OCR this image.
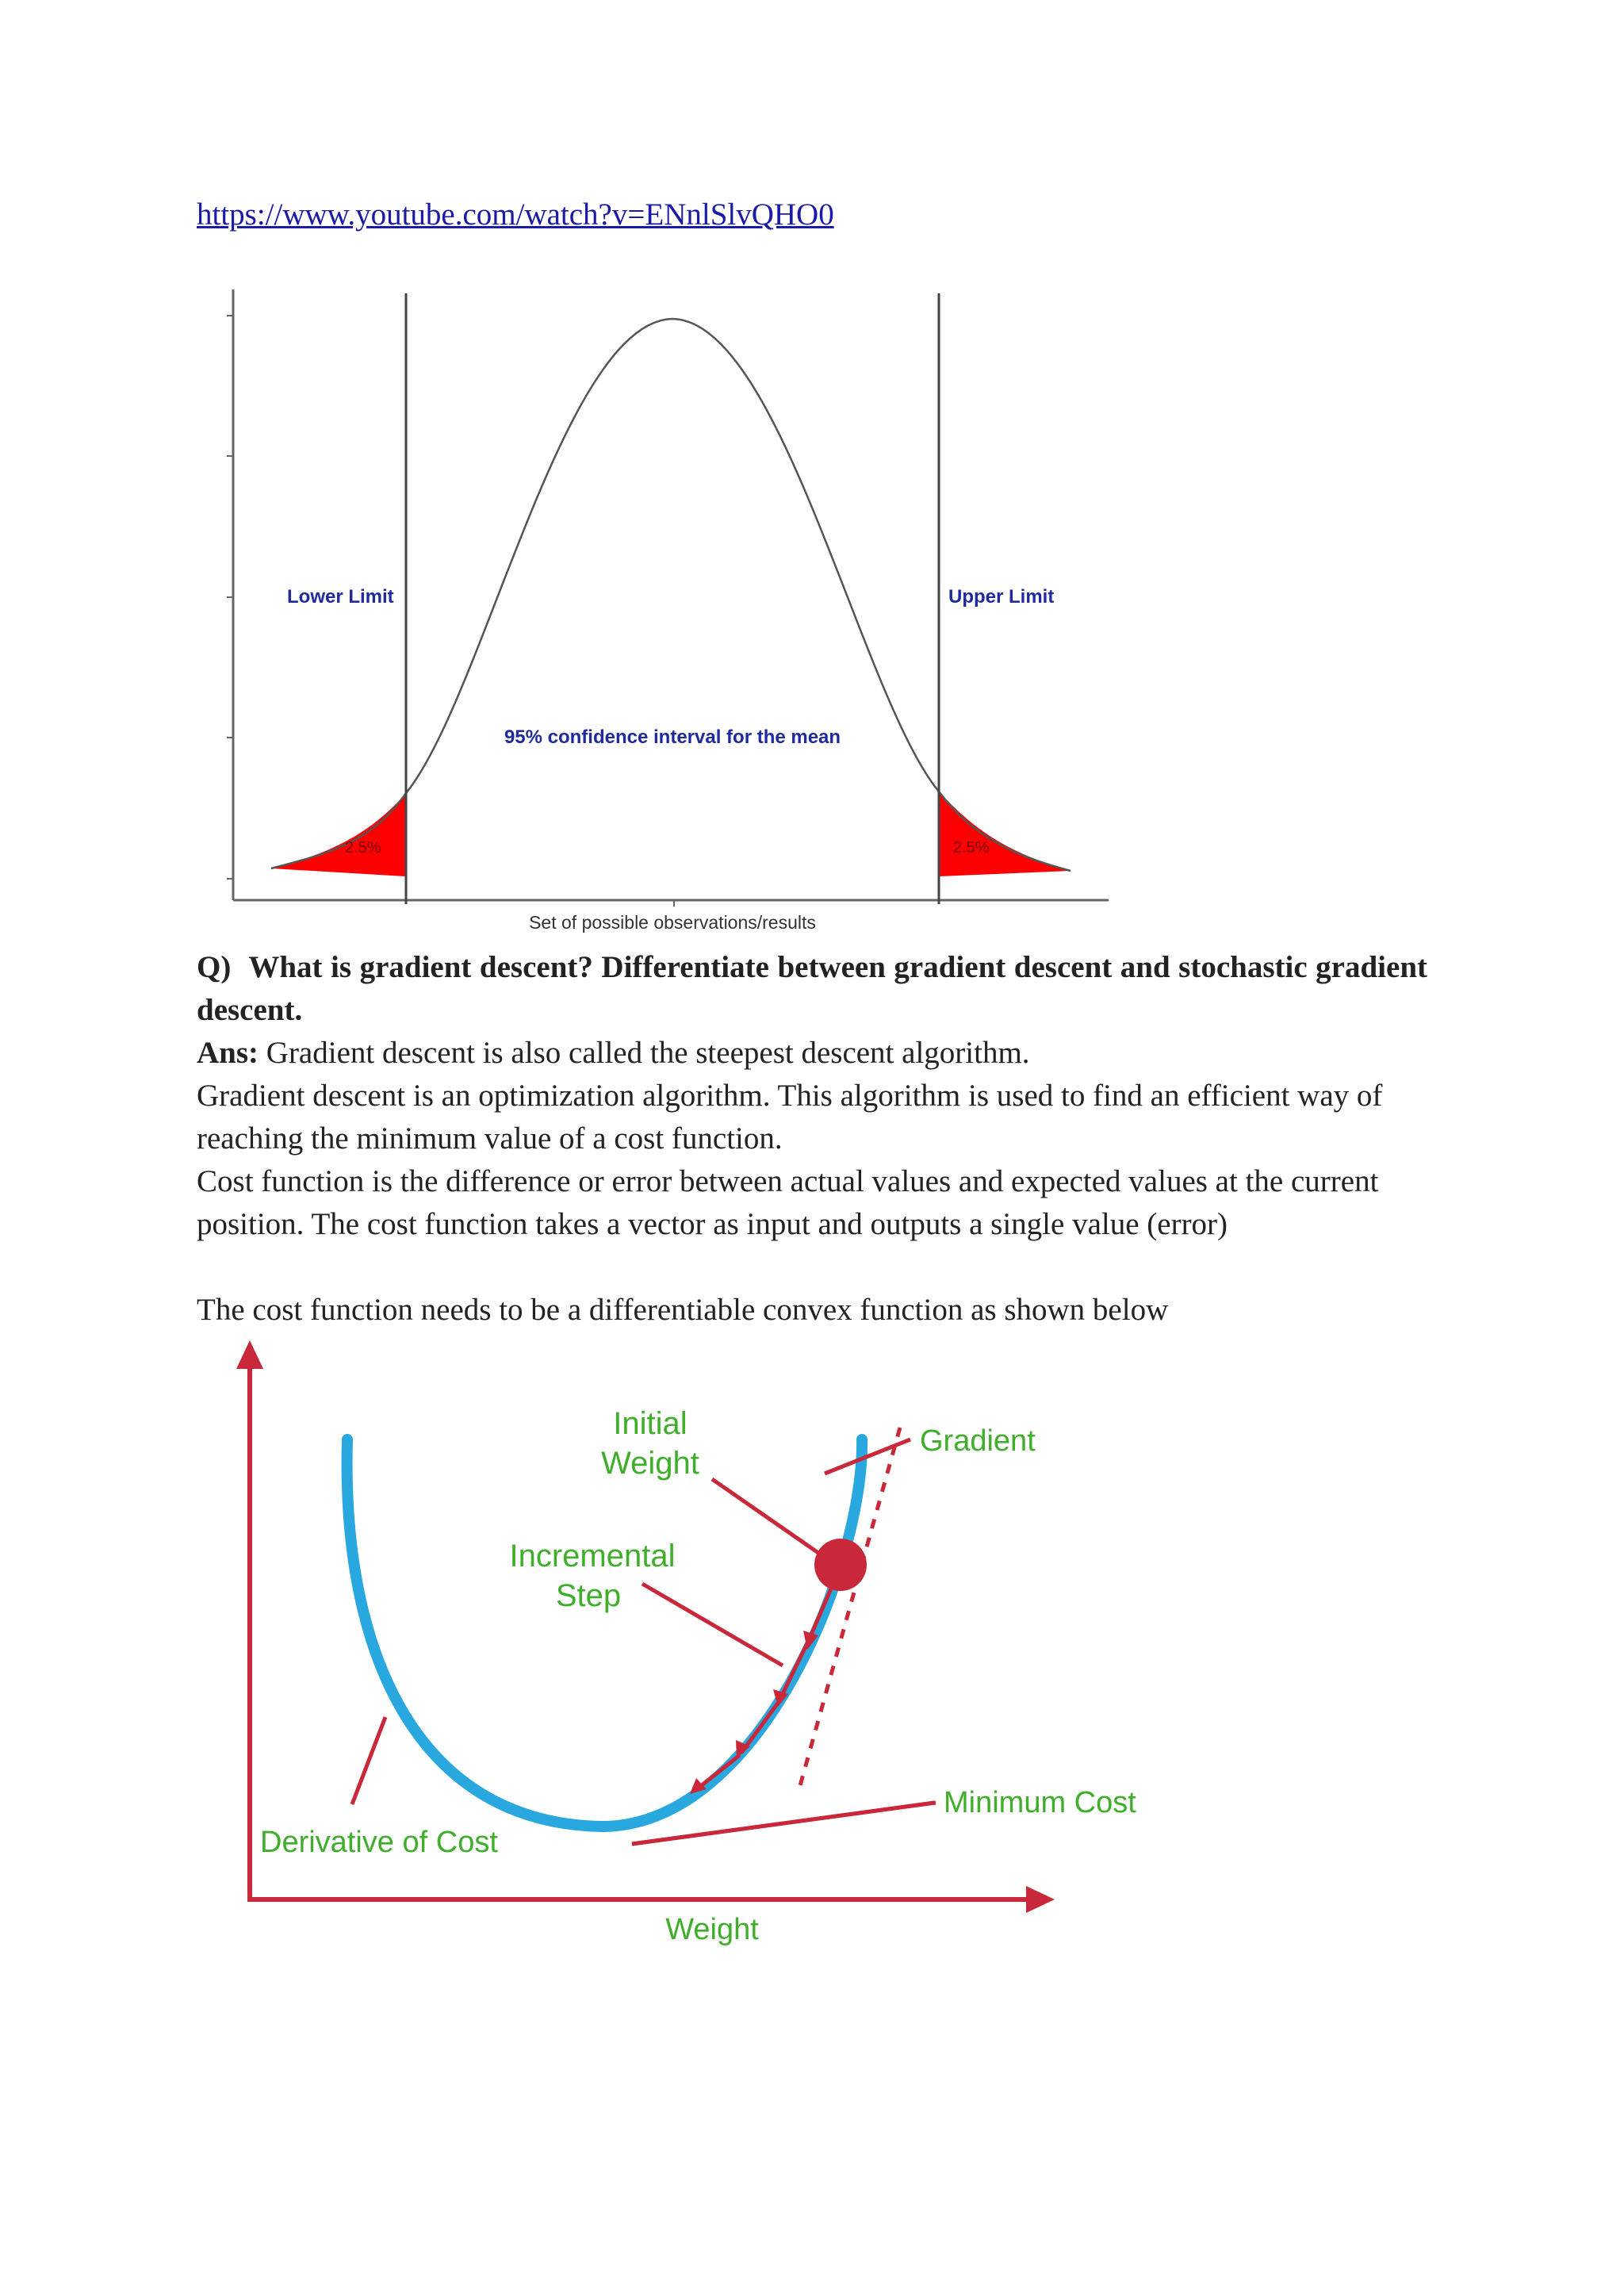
https://www.youtube.com/watch?v=ENnlSlvQHO0
Lower Limit	Upper Limit
95% confidence interval for the mean
2.5%	2.5%
Set of possible observations/results
Q) What is gradient descent? Differentiate between gradient descent and stochastic gradient descent.
Ans: Gradient descent is also called the steepest descent algorithm.
Gradient descent is an optimization algorithm. This algorithm is used to find an efficient way of reaching the minimum value of a cost function.
Cost function is the difference or error between actual values and expected values at the current position. The cost function takes a vector as input and outputs a single value (error)
The cost function needs to be a differentiable convex function as shown below
Initial
Weight
Gradient
Incremental
Step
Minimum Cost
Derivative of Cost
Weight
